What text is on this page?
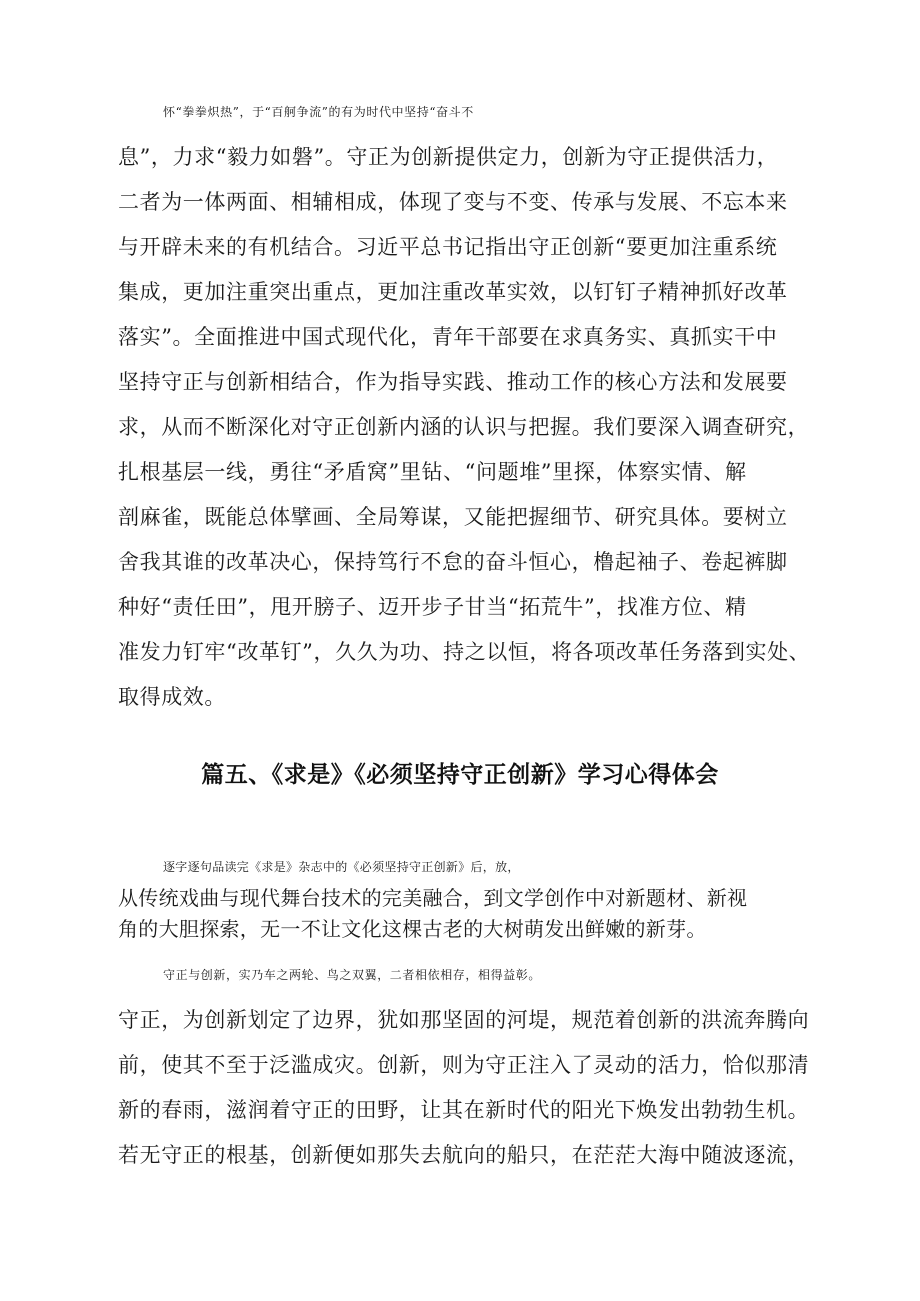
怀“拳拳炽热”，于“百舸争流”的有为时代中坚持“奋斗不
息”，力求“毅力如磐”。守正为创新提供定力，创新为守正提供活力，
二者为一体两面、相辅相成，体现了变与不变、传承与发展、不忘本来
与开辟未来的有机结合。习近平总书记指出守正创新“要更加注重系统
集成，更加注重突出重点，更加注重改革实效，以钉钉子精神抓好改革
落实”。全面推进中国式现代化，青年干部要在求真务实、真抓实干中
坚持守正与创新相结合，作为指导实践、推动工作的核心方法和发展要
求，从而不断深化对守正创新内涵的认识与把握。我们要深入调查研究，
扎根基层一线，勇往“矛盾窝”里钻、“问题堆”里探，体察实情、解
剖麻雀，既能总体擘画、全局筹谋，又能把握细节、研究具体。要树立
舍我其谁的改革决心，保持笃行不怠的奋斗恒心，橹起袖子、卷起裤脚
种好“责任田”，甩开膀子、迈开步子甘当“拓荒牛”，找准方位、精
准发力钉牢“改革钉”，久久为功、持之以恒，将各项改革任务落到实处、
取得成效。
篇五、《求是》《必须坚持守正创新》学习心得体会
逐字逐句品读完《求是》杂志中的《必须坚持守正创新》后，放，
从传统戏曲与现代舞台技术的完美融合，到文学创作中对新题材、新视
角的大胆探索，无一不让文化这棵古老的大树萌发出鲜嫩的新芽。
守正与创新，实乃车之两轮、鸟之双翼，二者相依相存，相得益彰。
守正，为创新划定了边界，犹如那坚固的河堤，规范着创新的洪流奔腾向
前，使其不至于泛滥成灾。创新，则为守正注入了灵动的活力，恰似那清
新的春雨，滋润着守正的田野，让其在新时代的阳光下焕发出勃勃生机。
若无守正的根基，创新便如那失去航向的船只，在茫茫大海中随波逐流，
